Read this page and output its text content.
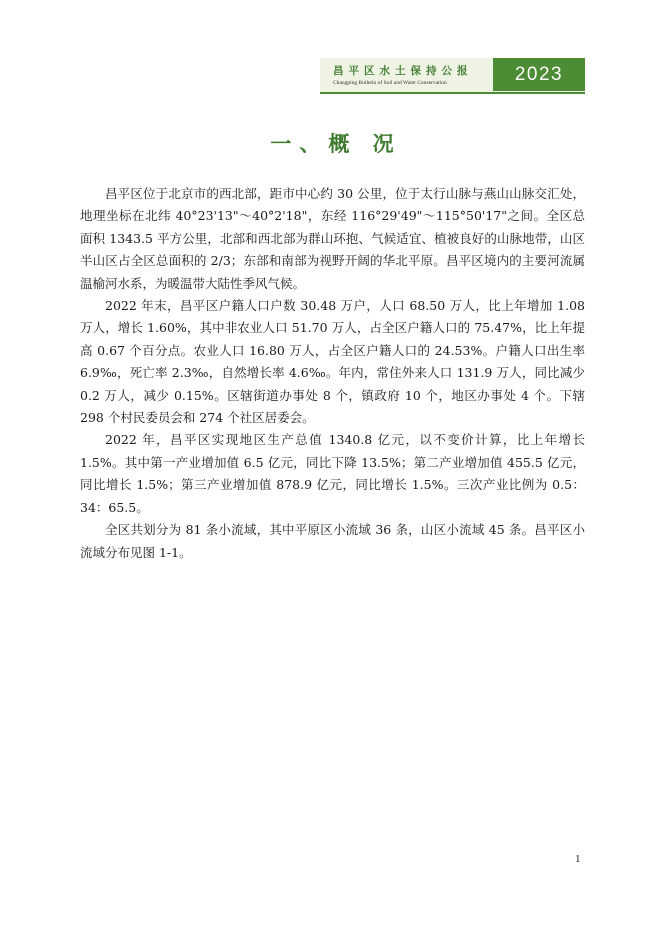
昌平区水土保持公报
Changping Bulletin of Soil and Water Conservation	2023
一、概 况

昌平区位于北京市的西北部，距市中心约 30 公里，位于太行山脉与燕山山脉交汇处，地理坐标在北纬 40°23'13"～40°2'18"，东经 116°29'49"～115°50'17"之间。全区总面积 1343.5 平方公里，北部和西北部为群山环抱、气候适宜、植被良好的山脉地带，山区半山区占全区总面积的 2/3；东部和南部为视野开阔的华北平原。昌平区境内的主要河流属温榆河水系，为暖温带大陆性季风气候。

2022 年末，昌平区户籍人口户数 30.48 万户，人口 68.50 万人，比上年增加 1.08 万人，增长 1.60%，其中非农业人口 51.70 万人，占全区户籍人口的 75.47%，比上年提高 0.67 个百分点。农业人口 16.80 万人，占全区户籍人口的 24.53%。户籍人口出生率 6.9‰，死亡率 2.3‰，自然增长率 4.6‰。年内，常住外来人口 131.9 万人，同比减少 0.2 万人，减少 0.15%。区辖街道办事处 8 个，镇政府 10 个，地区办事处 4 个。下辖 298 个村民委员会和 274 个社区居委会。

2022 年，昌平区实现地区生产总值 1340.8 亿元，以不变价计算，比上年增长 1.5%。其中第一产业增加值 6.5 亿元，同比下降 13.5%；第二产业增加值 455.5 亿元，同比增长 1.5%；第三产业增加值 878.9 亿元，同比增长 1.5%。三次产业比例为 0.5：34：65.5。

全区共划分为 81 条小流域，其中平原区小流域 36 条，山区小流域 45 条。昌平区小流域分布见图 1-1。

1
